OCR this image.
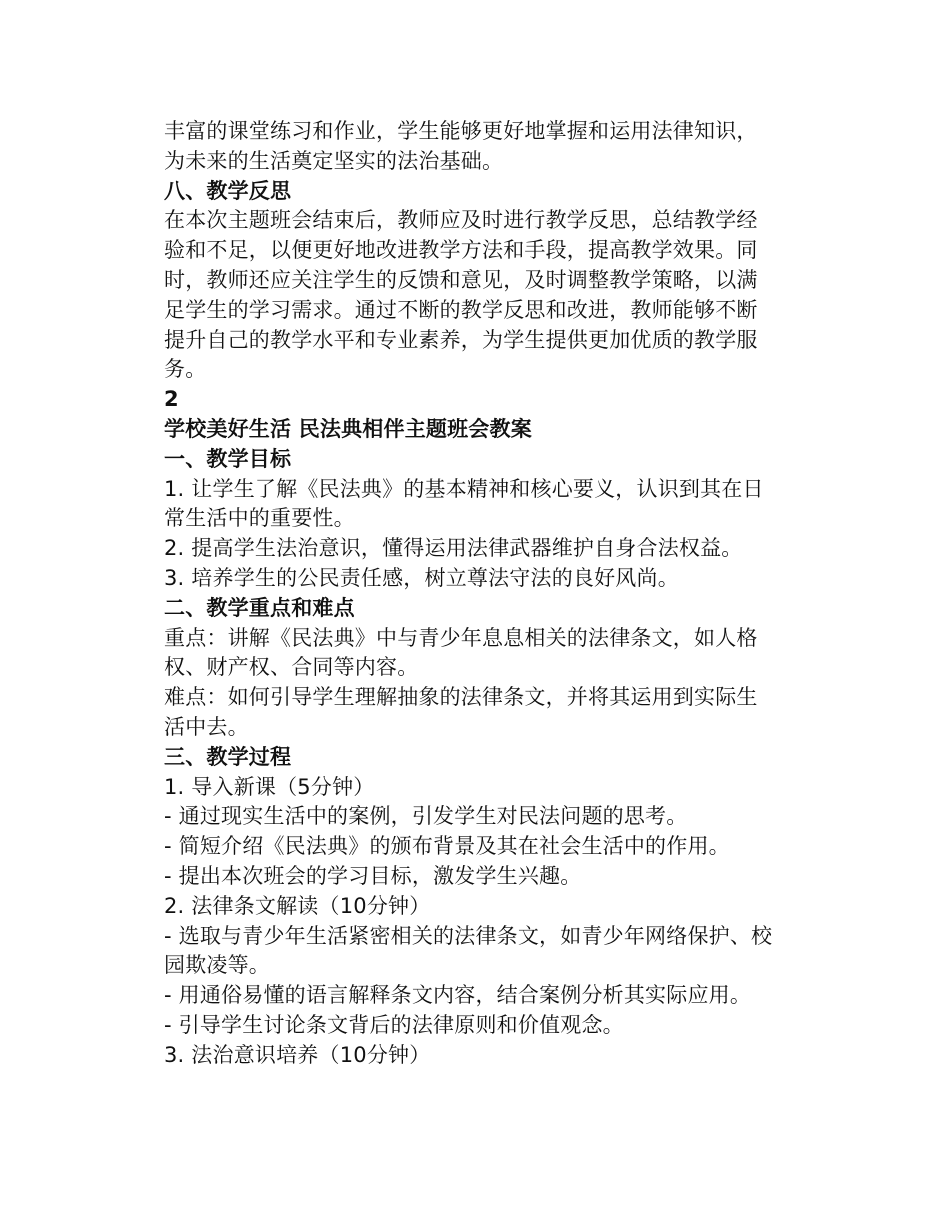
丰富的课堂练习和作业，学生能够更好地掌握和运用法律知识，为未来的生活奠定坚实的法治基础。

八、教学反思

在本次主题班会结束后，教师应及时进行教学反思，总结教学经验和不足，以便更好地改进教学方法和手段，提高教学效果。同时，教师还应关注学生的反馈和意见，及时调整教学策略，以满足学生的学习需求。通过不断的教学反思和改进，教师能够不断提升自己的教学水平和专业素养，为学生提供更加优质的教学服务。

2

学校美好生活 民法典相伴主题班会教案

一、教学目标

1. 让学生了解《民法典》的基本精神和核心要义，认识到其在日常生活中的重要性。

2. 提高学生法治意识，懂得运用法律武器维护自身合法权益。

3. 培养学生的公民责任感，树立尊法守法的良好风尚。

二、教学重点和难点

重点：讲解《民法典》中与青少年息息相关的法律条文，如人格权、财产权、合同等内容。

难点：如何引导学生理解抽象的法律条文，并将其运用到实际生活中去。

三、教学过程

1. 导入新课（5分钟）

- 通过现实生活中的案例，引发学生对民法问题的思考。

- 简短介绍《民法典》的颁布背景及其在社会生活中的作用。

- 提出本次班会的学习目标，激发学生兴趣。

2. 法律条文解读（10分钟）

- 选取与青少年生活紧密相关的法律条文，如青少年网络保护、校园欺凌等。

- 用通俗易懂的语言解释条文内容，结合案例分析其实际应用。

- 引导学生讨论条文背后的法律原则和价值观念。

3. 法治意识培养（10分钟）
